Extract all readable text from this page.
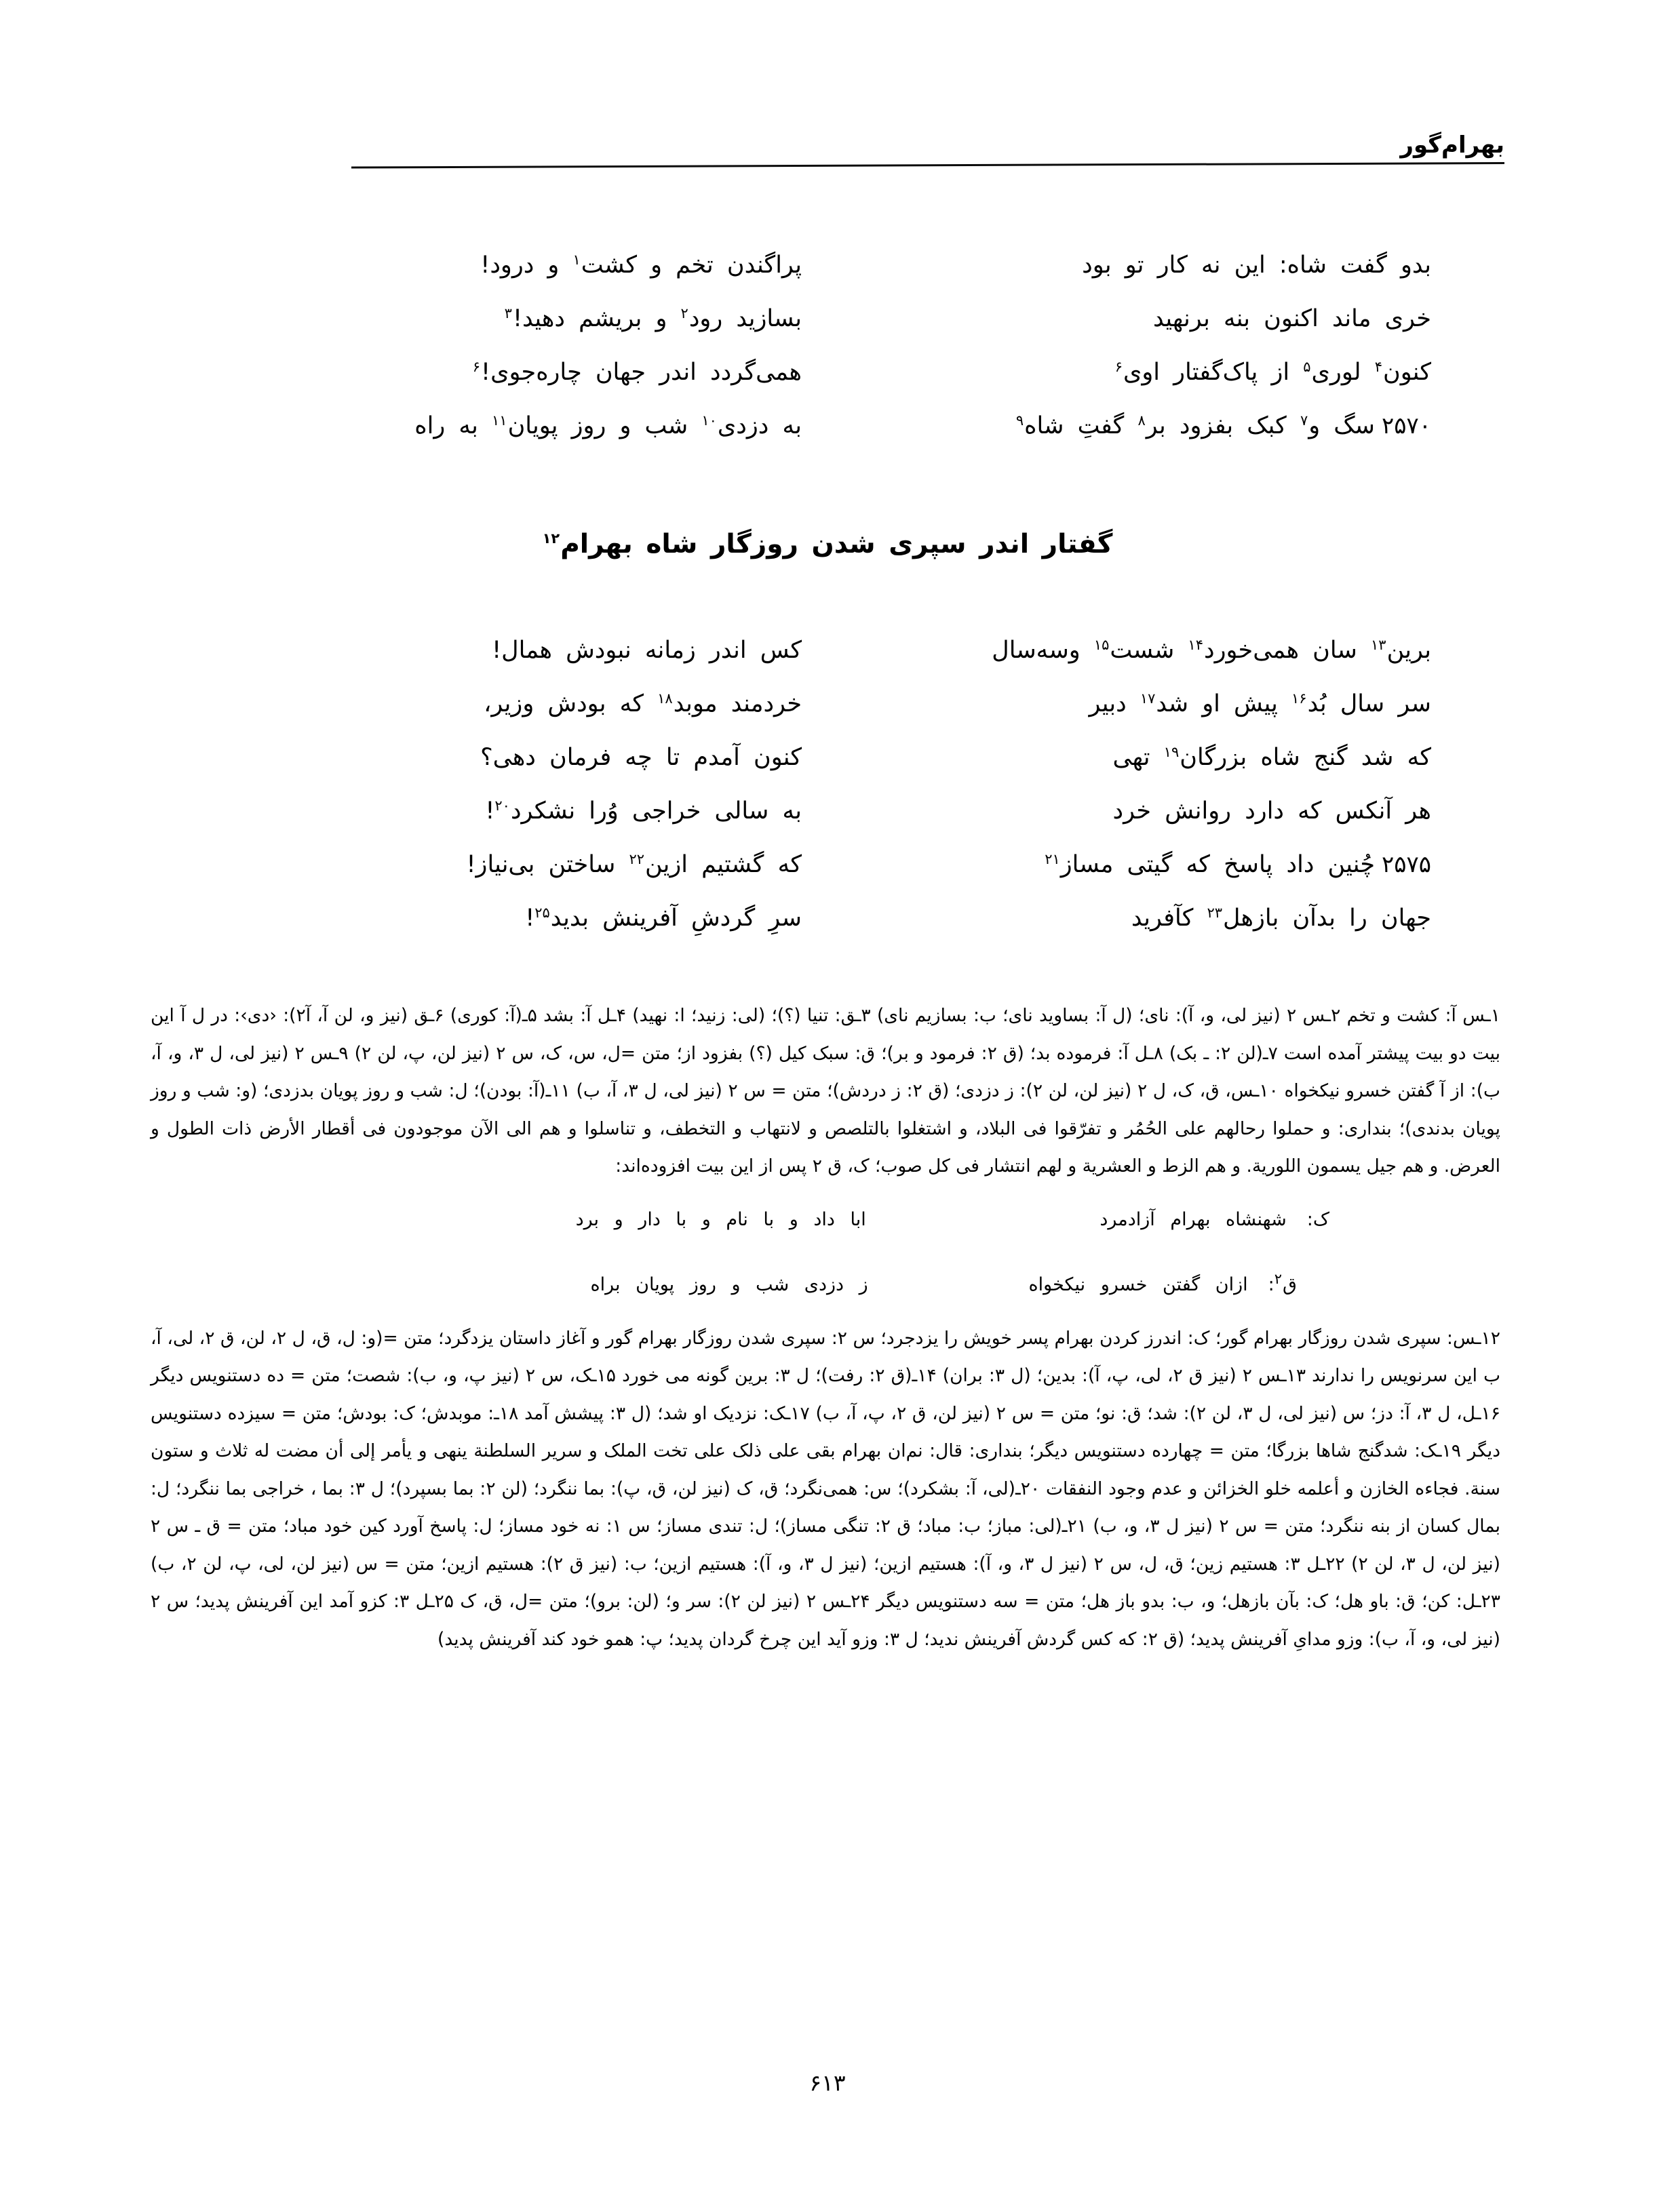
بهرام‌گور
بدو گفت شاه: این نه کار تو بود
پراگندن تخم و کشت$^۱$ و درود!
خری ماند اکنون بنه برنهید
بسازید رود$^۲$ و بریشم دهید!$^۳$
کنون$^۴$ لوری$^۵$ از پاک‌گفتار اوی$^۶$
همی‌گردد اندر جهان چاره‌جوی!$^۶$
۲۵۷۰سگ و$^۷$ کبک بفزود بر$^۸$ گفتِ شاه$^۹$
به دزدی$^{۱۰}$ شب و روز پویان$^{۱۱}$ به راه
گفتار اندر سپری شدن روزگار شاه بهرام$^{۱۲}$
برین$^{۱۳}$ سان همی‌خورد$^{۱۴}$ شست$^{۱۵}$ وسه‌سال
کس اندر زمانه نبودش همال!
سر سال بُد$^{۱۶}$ پیش او شد$^{۱۷}$ دبیر
خردمند موبد$^{۱۸}$ که بودش وزیر،
که شد گنج شاه بزرگان$^{۱۹}$ تهی
کنون آمدم تا چه فرمان دهی؟
هر آنکس که دارد روانش خرد
به سالی خراجی وُرا نشکرد$^{۲۰}$!
۲۵۷۵چُنین داد پاسخ که گیتی مساز$^{۲۱}$
که گشتیم ازین$^{۲۲}$ ساختن بی‌نیاز!
جهان را بدآن بازهل$^{۲۳}$ کآفرید
سرِ گردشِ آفرینش بدید$^{۲۵}$!

۱ـس آ: کشت و تخم ۲ـس ۲ (نیز لی، و، آ): نای؛ (ل آ: بساوید نای؛ ب: بسازیم نای) ۳ـق: تنیا (؟)؛ (لی: زنید؛ ا: نهید) ۴ـل آ: بشد ۵ـ(آ: کوری) ۶ـق (نیز و، لن آ، آ۲): ‹دی›: در ل آ این بیت دو بیت پیشتر آمده است ۷ـ(لن ۲: ـ بک) ۸ـل آ: فرموده بد؛ (ق ۲: فرمود و بر)؛ ق: سبک کیل (؟) بفزود از؛ متن =ل، س، ک، س ۲ (نیز لن، پ، لن ۲) ۹ـس ۲ (نیز لی، ل ۳، و، آ، ب): از آ گفتن خسرو نیکخواه ۱۰ـس، ق، ک، ل ۲ (نیز لن، لن ۲): ز دزدی؛ (ق ۲: ز دردش)؛ متن = س ۲ (نیز لی، ل ۳، آ، ب) ۱۱ـ(آ: بودن)؛ ل: شب و روز پویان بدزدی؛ (و: شب و روز پویان بدندی)؛ بنداری: و حملوا رحالهم علی الحُمُر و تفرّقوا فی البلاد، و اشتغلوا بالتلصص و لانتهاب و التخطف، و تناسلوا و هم الی الآن موجودون فی أقطار الأرض ذات الطول و العرض. و هم جیل یسمون اللوریة. و هم الزط و العشریة و لهم انتشار فی کل صوب؛ ک، ق ۲ پس از این بیت افزوده‌اند:

ک:
شهنشاه بهرام آزادمرد
ابا داد و با نام و با دار و برد
ق$^۲$:
ازان گفتن خسرو نیکخواه
ز دزدی شب و روز پویان براه

۱۲ـس: سپری شدن روزگار بهرام گور؛ ک: اندرز کردن بهرام پسر خویش را یزدجرد؛ س ۲: سپری شدن روزگار بهرام گور و آغاز داستان یزدگرد؛ متن =(و: ل، ق، ل ۲، لن، ق ۲، لی، آ، ب این سرنویس را ندارند ۱۳ـس ۲ (نیز ق ۲، لی، پ، آ): بدین؛ (ل ۳: بران) ۱۴ـ(ق ۲: رفت)؛ ل ۳: برین گونه می خورد ۱۵ـک، س ۲ (نیز پ، و، ب): شصت؛ متن = ده دستنویس دیگر ۱۶ـل، ل ۳، آ: دز؛ س (نیز لی، ل ۳، لن ۲): شد؛ ق: نو؛ متن = س ۲ (نیز لن، ق ۲، پ، آ، ب) ۱۷ـک: نزدیک او شد؛ (ل ۳: پیشش آمد ۱۸ـ: موبدش؛ ک: بودش؛ متن = سیزده دستنویس دیگر ۱۹ـک: شدگنج شاها بزرگا؛ متن = چهارده دستنویس دیگر؛ بنداری: قال: نم‌ان بهرام بقی علی ذلک علی تخت الملک و سریر السلطنة ینهی و یأمر إلی أن مضت له ثلاث و ستون سنة. فجاءه الخازن و أعلمه خلو الخزائن و عدم وجود النفقات ۲۰ـ(لی، آ: بشکرد)؛ س: همی‌نگرد؛ ق، ک (نیز لن، ق، پ): بما ننگرد؛ (لن ۲: بما بسپرد)؛ ل ۳: بما ، خراجی بما ننگرد؛ ل: بمال کسان از بنه ننگرد؛ متن = س ۲ (نیز ل ۳، و، ب) ۲۱ـ(لی: مباز؛ ب: مباد؛ ق ۲: تنگی مساز)؛ ل: تندی مساز؛ س ۱: نه خود مساز؛ ل: پاسخ آورد کین خود مباد؛ متن = ق ـ س ۲ (نیز لن، ل ۳، لن ۲) ۲۲ـل ۳: هستیم زین؛ ق، ل، س ۲ (نیز ل ۳، و، آ): هستیم ازین؛ (نیز ل ۳، و، آ): هستیم ازین؛ ب: (نیز ق ۲): هستیم ازین؛ متن = س (نیز لن، لی، پ، لن ۲، ب) ۲۳ـل: کن؛ ق: باو هل؛ ک: بآن بازهل؛ و، ب: بدو باز هل؛ متن = سه دستنویس دیگر ۲۴ـس ۲ (نیز لن ۲): سر و؛ (لن: برو)؛ متن =ل، ق، ک ۲۵ـل ۳: کزو آمد این آفرینش پدید؛ س ۲ (نیز لی، و، آ، ب): وزو مدایِ آفرینش پدید؛ (ق ۲: که کس گردش آفرینش ندید؛ ل ۳: وزو آید این چرخ گردان پدید؛ پ: همو خود کند آفرینش پدید)

۶۱۳
